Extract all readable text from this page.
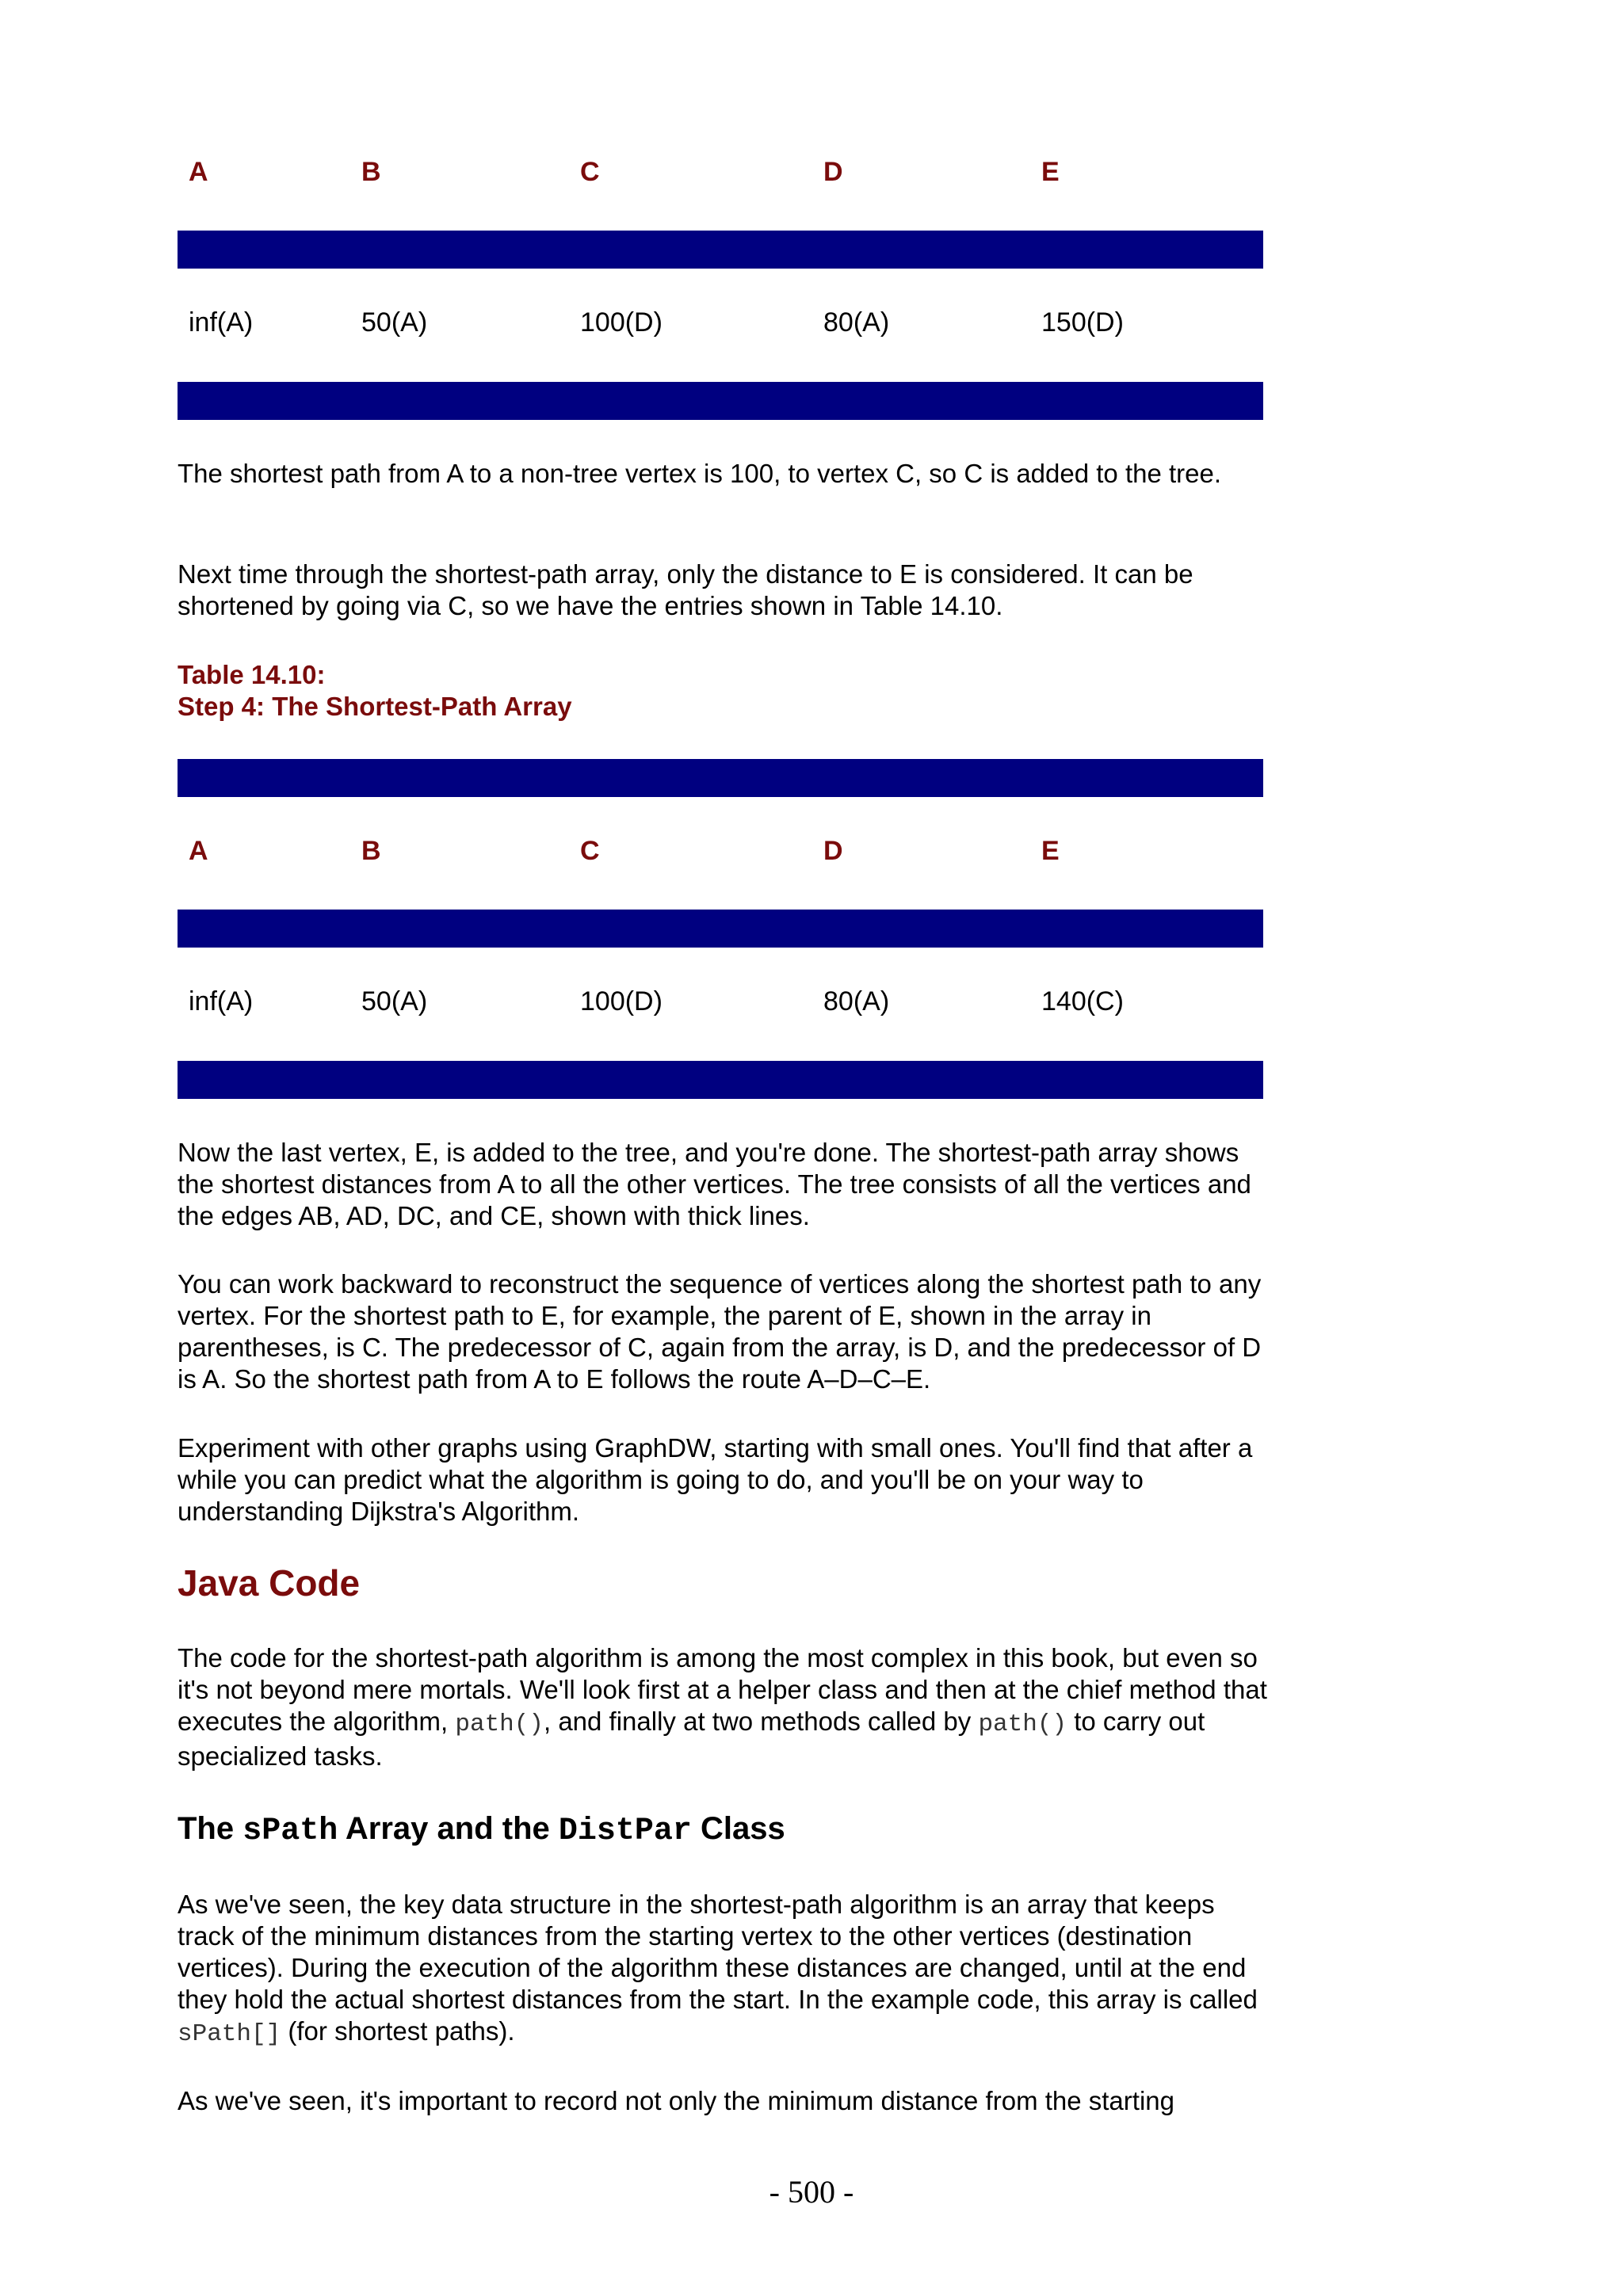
A	B	C	D	E
inf(A)	50(A)	100(D)	80(A)	150(D)

The shortest path from A to a non-tree vertex is 100, to vertex C, so C is added to the tree.

Next time through the shortest-path array, only the distance to E is considered. It can be shortened by going via C, so we have the entries shown in Table 14.10.

Table 14.10:
Step 4: The Shortest-Path Array
A	B	C	D	E
inf(A)	50(A)	100(D)	80(A)	140(C)

Now the last vertex, E, is added to the tree, and you're done. The shortest-path array shows the shortest distances from A to all the other vertices. The tree consists of all the vertices and the edges AB, AD, DC, and CE, shown with thick lines.

You can work backward to reconstruct the sequence of vertices along the shortest path to any vertex. For the shortest path to E, for example, the parent of E, shown in the array in parentheses, is C. The predecessor of C, again from the array, is D, and the predecessor of D is A. So the shortest path from A to E follows the route A–D–C–E.

Experiment with other graphs using GraphDW, starting with small ones. You'll find that after a while you can predict what the algorithm is going to do, and you'll be on your way to understanding Dijkstra's Algorithm.

Java Code

The code for the shortest-path algorithm is among the most complex in this book, but even so it's not beyond mere mortals. We'll look first at a helper class and then at the chief method that executes the algorithm, path(), and finally at two methods called by path() to carry out specialized tasks.

The sPath Array and the DistPar Class

As we've seen, the key data structure in the shortest-path algorithm is an array that keeps track of the minimum distances from the starting vertex to the other vertices (destination vertices). During the execution of the algorithm these distances are changed, until at the end they hold the actual shortest distances from the start. In the example code, this array is called sPath[] (for shortest paths).

As we've seen, it's important to record not only the minimum distance from the starting

- 500 -
